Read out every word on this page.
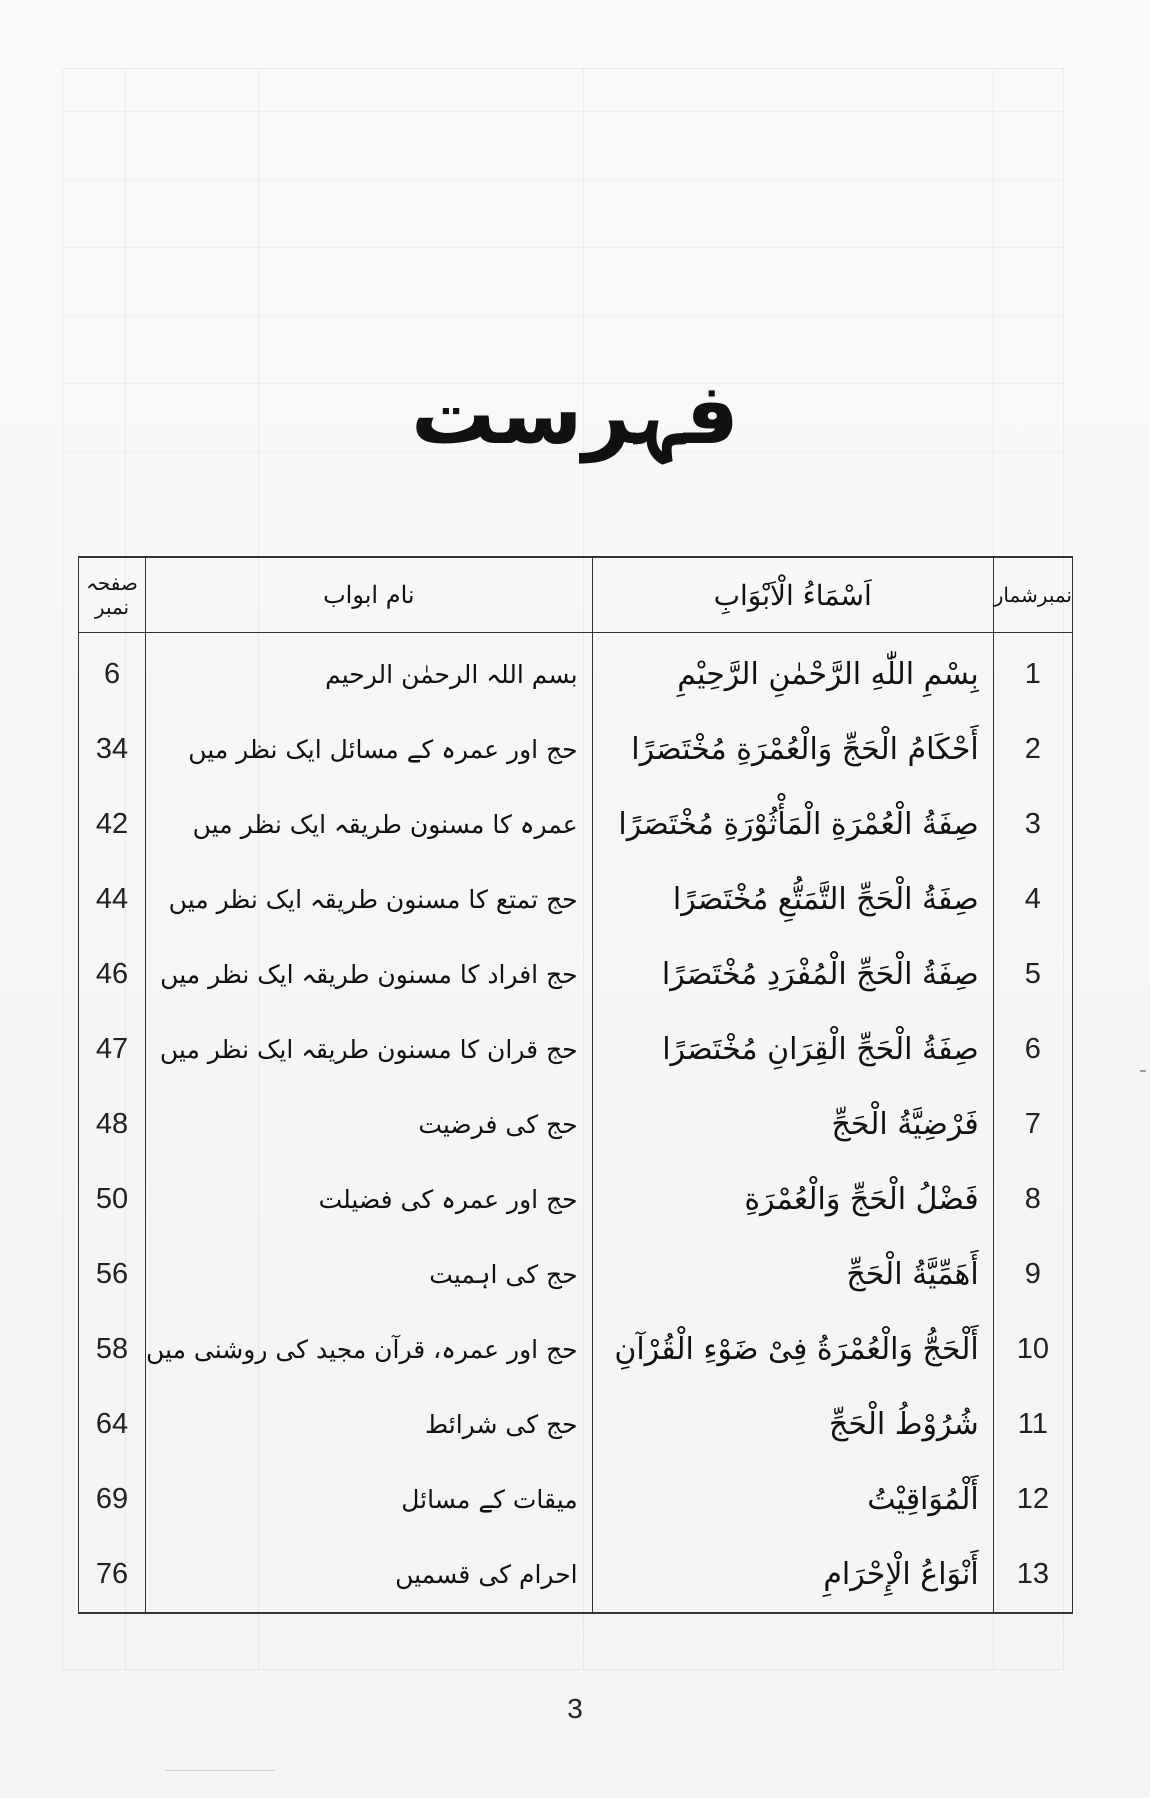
فہرست
نمبرشمار	اَسْمَاءُ الْاَبْوَابِ	نام ابواب	صفحہ نمبر
1	بِسْمِ اللّٰهِ الرَّحْمٰنِ الرَّحِيْمِ	بسم اللہ الرحمٰن الرحیم	6
2	أَحْكَامُ الْحَجِّ وَالْعُمْرَةِ مُخْتَصَرًا	حج اور عمرہ کے مسائل ایک نظر میں	34
3	صِفَةُ الْعُمْرَةِ الْمَأْثُوْرَةِ مُخْتَصَرًا	عمرہ کا مسنون طریقہ ایک نظر میں	42
4	صِفَةُ الْحَجِّ التَّمَتُّعِ مُخْتَصَرًا	حج تمتع کا مسنون طریقہ ایک نظر میں	44
5	صِفَةُ الْحَجِّ الْمُفْرَدِ مُخْتَصَرًا	حج افراد کا مسنون طریقہ ایک نظر میں	46
6	صِفَةُ الْحَجِّ الْقِرَانِ مُخْتَصَرًا	حج قران کا مسنون طریقہ ایک نظر میں	47
7	فَرْضِيَّةُ الْحَجِّ	حج کی فرضیت	48
8	فَضْلُ الْحَجِّ وَالْعُمْرَةِ	حج اور عمرہ کی فضیلت	50
9	أَهَمِّيَّةُ الْحَجِّ	حج کی اہمیت	56
10	أَلْحَجُّ وَالْعُمْرَةُ فِىْ ضَوْءِ الْقُرْآنِ	حج اور عمرہ، قرآن مجید کی روشنی میں	58
11	شُرُوْطُ الْحَجِّ	حج کی شرائط	64
12	أَلْمُوَاقِيْتُ	میقات کے مسائل	69
13	أَنْوَاعُ الْإِحْرَامِ	احرام کی قسمیں	76
3
